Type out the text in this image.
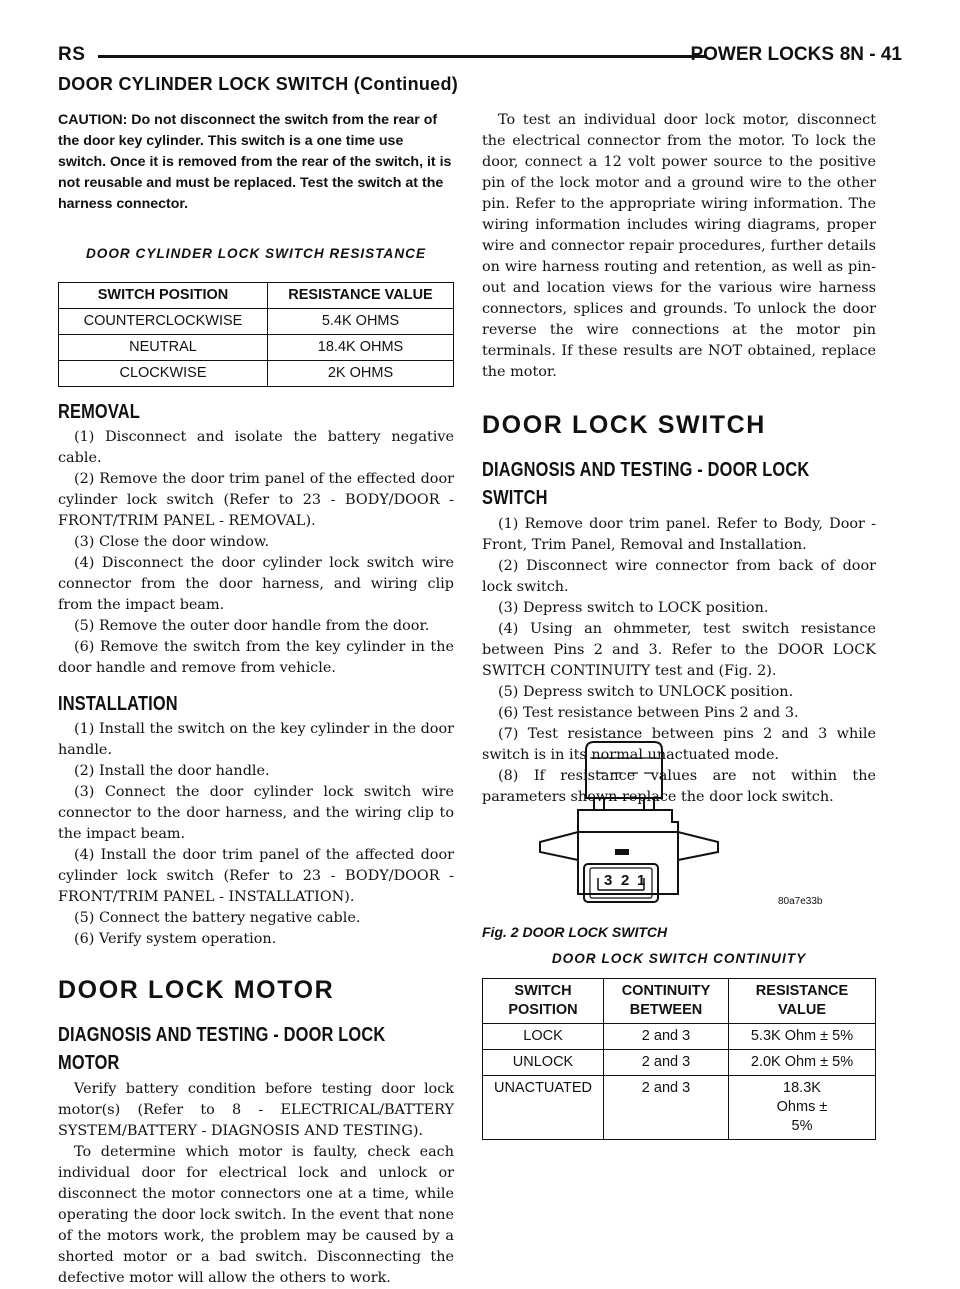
RS	POWER LOCKS 8N - 41
DOOR CYLINDER LOCK SWITCH (Continued)

CAUTION: Do not disconnect the switch from the rear of the door key cylinder. This switch is a one time use switch. Once it is removed from the rear of the switch, it is not reusable and must be replaced. Test the switch at the harness connector.

DOOR CYLINDER LOCK SWITCH RESISTANCE

SWITCH POSITION	RESISTANCE VALUE
COUNTERCLOCKWISE	5.4K OHMS
NEUTRAL	18.4K OHMS
CLOCKWISE	2K OHMS
REMOVAL

(1) Disconnect and isolate the battery negative cable.

(2) Remove the door trim panel of the effected door cylinder lock switch (Refer to 23 - BODY/DOOR - FRONT/TRIM PANEL - REMOVAL).

(3) Close the door window.

(4) Disconnect the door cylinder lock switch wire connector from the door harness, and wiring clip from the impact beam.

(5) Remove the outer door handle from the door.

(6) Remove the switch from the key cylinder in the door handle and remove from vehicle.

INSTALLATION

(1) Install the switch on the key cylinder in the door handle.

(2) Install the door handle.

(3) Connect the door cylinder lock switch wire connector to the door harness, and the wiring clip to the impact beam.

(4) Install the door trim panel of the affected door cylinder lock switch (Refer to 23 - BODY/DOOR - FRONT/TRIM PANEL - INSTALLATION).

(5) Connect the battery negative cable.

(6) Verify system operation.

DOOR LOCK MOTOR
DIAGNOSIS AND TESTING - DOOR LOCK MOTOR

Verify battery condition before testing door lock motor(s) (Refer to 8 - ELECTRICAL/BATTERY SYSTEM/BATTERY - DIAGNOSIS AND TESTING).

To determine which motor is faulty, check each individual door for electrical lock and unlock or disconnect the motor connectors one at a time, while operating the door lock switch. In the event that none of the motors work, the problem may be caused by a shorted motor or a bad switch. Disconnecting the defective motor will allow the others to work.

To test an individual door lock motor, disconnect the electrical connector from the motor. To lock the door, connect a 12 volt power source to the positive pin of the lock motor and a ground wire to the other pin. Refer to the appropriate wiring information. The wiring information includes wiring diagrams, proper wire and connector repair procedures, further details on wire harness routing and retention, as well as pin-out and location views for the various wire harness connectors, splices and grounds. To unlock the door reverse the wire connections at the motor pin terminals. If these results are NOT obtained, replace the motor.

DOOR LOCK SWITCH
DIAGNOSIS AND TESTING - DOOR LOCK SWITCH

(1) Remove door trim panel. Refer to Body, Door - Front, Trim Panel, Removal and Installation.

(2) Disconnect wire connector from back of door lock switch.

(3) Depress switch to LOCK position.

(4) Using an ohmmeter, test switch resistance between Pins 2 and 3. Refer to the DOOR LOCK SWITCH CONTINUITY test and (Fig. 2).

(5) Depress switch to UNLOCK position.

(6) Test resistance between Pins 2 and 3.

(7) Test resistance between pins 2 and 3 while switch is in its normal unactuated mode.

(8) If resistance values are not within the parameters shown replace the door lock switch.

3 2 1
80a7e33b

Fig. 2 DOOR LOCK SWITCH

DOOR LOCK SWITCH CONTINUITY

SWITCH POSITION	CONTINUITY BETWEEN	RESISTANCE VALUE
LOCK	2 and 3	5.3K Ohm ± 5%
UNLOCK	2 and 3	2.0K Ohm ± 5%
UNACTUATED	2 and 3	18.3K Ohms ± 5%
